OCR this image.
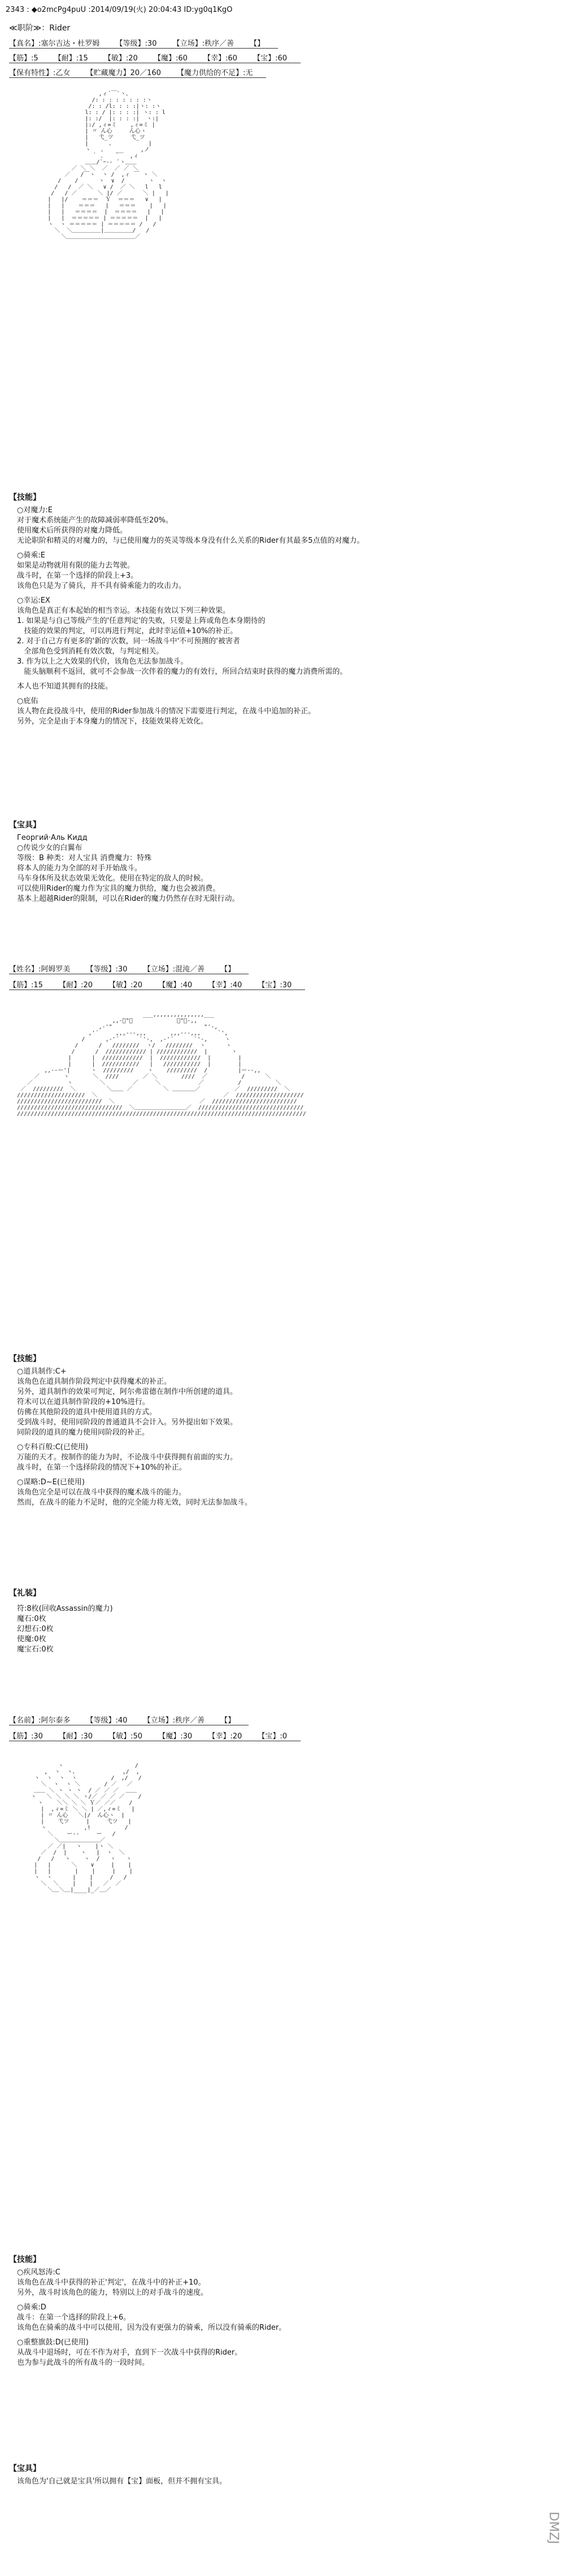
2343 : ◆o2mcPg4puU :2014/09/19(火) 20:04:43 ID:yg0q1KgO
≪职阶≫：Rider
【真名】:塞尔吉达・杜罗姆 【等级】:30 【立场】:秩序／善 【】
【筋】:5 【耐】:15 【敏】:20 【魔】:60 【幸】:60 【宝】:60
【保有特性】:乙女 【贮藏魔力】20／160 【魔力供给的不足】:无

,ィ´￣`ヽ、
/: : : : : : : :ヽ
/: : /l: : : :|ヽ: :ヽ
l: : / |: : : :| ヽ: : l
|: :/  |: : : :|  ヽ:|
|:/ ,ィ=ミ    ,ィ=ミ |
| 〃 ん心     ん心ヽ
|   弋_ツ     弋_ツ
|      、          |
ヽ   、   __     ,ノ
｀ ､   ｀   ,ィ
＿＿/`ｰ-‐ ´ヽ＿＿
／ ＼ ＼  ／  ／ ／ ＼
／   /￣ヽ  ヽ /  ,ィ ￣ ヽ ＼
/    /      ヽ  ∨  /       ヽ  ヽ
/   /  ／ ＼   ∨ /  ／ ＼   l   l
/   / ／      ＼ |/ ／      ＼ |   |
|   |/    ＝＝＝  Ｙ  ＝＝＝   ∨   |
|   |    ＝＝＝   |   ＝＝＝    |   |
|   |   ＝＝＝＝  |  ＝＝＝＝   |   |
|   |  ＝＝＝＝＝ | ＝＝＝＝＝  |   |
ヽ  ヽ ＝＝＝＝＝ | ＝＝＝＝＝ /   /
＼  ＼＿＿＿＿＿|＿＿＿＿＿/   /
＼＿＿＿＿＿＿＿＿＿＿＿＿／

【技能】

○对魔力:E
对于魔术系统能产生的故障减弱率降低至20%。
使用魔术后所获得的对魔力降低。
无论职阶和精灵的对魔力的，与已使用魔力的英灵等级本身没有什么关系的Rider有其最多5点值的对魔力。

○骑乘:E
如果是动物就用有限的能力去驾驶。
战斗时，在第一个选择的阶段上+3。
该角色只是为了骑兵，并不具有骑乘能力的攻击力。

○幸运:EX
该角色是真正有本起始的相当幸运。本技能有效以下列三种效果。
1. 如果是与自己等级产生的'任意判定'的失败，只要是上阵或角色本身期待的
技能的效果的判定，可以再进行判定，此时幸运值+10%的补正。
2. 对于自己方有更多的'新的'次数，同一场战斗中'不可预测的'被害者
全部角色受到消耗有效次数，与判定相关。
3. 作为以上之大效果的代价，该角色无法参加战斗。
能头脑顺利不返回，就可不会参战一次伴着的魔力的有效行，所回合结束时获得的魔力消费所需的。

本人也不知道其拥有的技能。

○庇佑
该人物在此役战斗中，使用的Rider参加战斗的情况下需要进行判定，在战斗中追加的补正。
另外，完全是由于本身魔力的情况下，技能效果将无效化。

【宝具】

Георгий·Аль Кидд

○传说少女的白翼布

等级：B 种类：对人宝具 消费魔力：特殊

将本人的能力为全部的对手开始战斗。

马车身体所及状态效果无效化。使用在特定的敌人的时候。

可以使用Rider的魔力作为宝具的魔力供给，魔力也会被消费。

基本上超越Rider的限制，可以在Rider的魔力仍然存在时无限行动。

【姓名】:阿姆罗美 【等级】:30 【立场】:混沌／善 【】
【筋】:15 【耐】:20 【敏】:20 【魔】:40 【幸】:40 【宝】:30

___,,,,,,,,,,,,,,,___
,,-ﾞ"￣             ￣"ﾞ-,,
,-'"                           "'-,
,'´     ,,,---,,,       ,,,---,,,     `',
/      ,-'´      `'-,  ,-'´      `'-,     ヽ
/      /   ////////  ヽ/   ////////  ヽ      ヽ
/      /  //////////// | ////////////  |       ヽ
|      |  ////////////  |  ////////////  |        |
|      |  ///////////   |   ///////////  |        |
,,--ー'|      ヽ  /////////    ヽ    /////////  /         |ー--,,
／       ヽ       ＼  ////       ／ ＼       ////  ／          /      ＼
／          ヽ        ＼        ／     ＼           ／          /          ＼
／  /////////  ＼         ＼＿＿ ／         ＼ ＿＿＿＿／          ／  /////////  ＼
////////////////////  ＼                                     ／  ////////////////////
/////////////////////////  ＼                         ／  /////////////////////////
///////////////////////////////  ＼＿＿＿＿＿＿＿＿＿／  ///////////////////////////////
/////////////////////////////////////////////////////////////////////////////////////

【技能】

○道具制作:C+
该角色在道具制作阶段判定中获得魔术的补正。
另外，道具制作的效果可判定，阿尔弗雷德在制作中所创建的道具。
符术可以在道具制作阶段的+10%进行。
仿佛在其他阶段的道具中使用道具的方式。
受到战斗时，使用同阶段的普通道具不会计入。另外提出如下效果。
同阶段的道具的魔力使用同阶段的补正。

○专科百般:C(已使用)
万能的天才。按制作的能力为时，不论战斗中获得拥有前面的实力。
战斗时，在第一个选择阶段的情况下+10%的补正。

○谋略:D~E(已使用)
该角色完全是可以在战斗中获得的魔术战斗的能力。
然而，在战斗的能力不足时，他的完全能力将无效，同时无法参加战斗。

【礼装】

符:8枚(回收Assassin的魔力)

魔石:0枚

幻想石:0枚

使魔:0枚

魔宝石:0枚

【名前】:阿尔泰多 【等级】:40 【立场】:秩序／善 【】
【筋】:30 【耐】:30 【敏】:50 【魔】:30 【幸】:20 【宝】:0

ヽ                     /
,  ヽ  ヽ、             ,/  ,
ヽ  ヽ  ヽ  ヽ          /  ,/   /
＼  ヽ  ヽ ＼       / ／   ／
＿＿ ＼ ヽ ヽ ヽ  / ／ ／ ／  ＿＿
ヽ   ＼ ＼ ＼ ＼ ヽ/／ ／ ／ ／    /
ヽ    ＼＼ ＼ ＼ Ｙ／ ／／    /
|  ,ィ=ミ ＼ ＼ | ／,ィ=ミ   |
| 〃 ん心   ＼|/  ん心ヽ  |
|    弋ツ     |     弋ツ   |
ヽ           ,!          /
＼    ー‐‐     ー   /
＼＿＿＿＿＿＿＿／
／ ／|   ヽ    |ヽ ＼
／  /  |    ヽ   |  ヽ  ＼
/   /   ヽ    ヽ  /   ヽ   ヽ
|   |      ＼    ∨     |    |
|   |       |    |     |    |
ヽ  ヽ      |    |     /   /
＼  ＼    |    |   ／  ／
＼＿＼＿|____|_／＿／

【技能】

○疾风怒涛:C
该角色在战斗中获得的补正'判定'，在战斗中的补正+10。
另外，战斗时该角色的能力，特别以上的对手战斗的速度。

○骑乘:D
战斗：在第一个选择的阶段上+6。
该角色在骑乘的战斗中可以使用，因为没有更强力的骑乘，所以没有骑乘的Rider。

○重整旗鼓:D(已使用)
从战斗中退场时，可在不作为对手，直到下一次战斗中获得的Rider。
也为参与此战斗的所有战斗的一段时间。

【宝具】

该角色为'自己就是宝具'所以拥有【宝】面板，但并不拥有宝具。

DMZJ
